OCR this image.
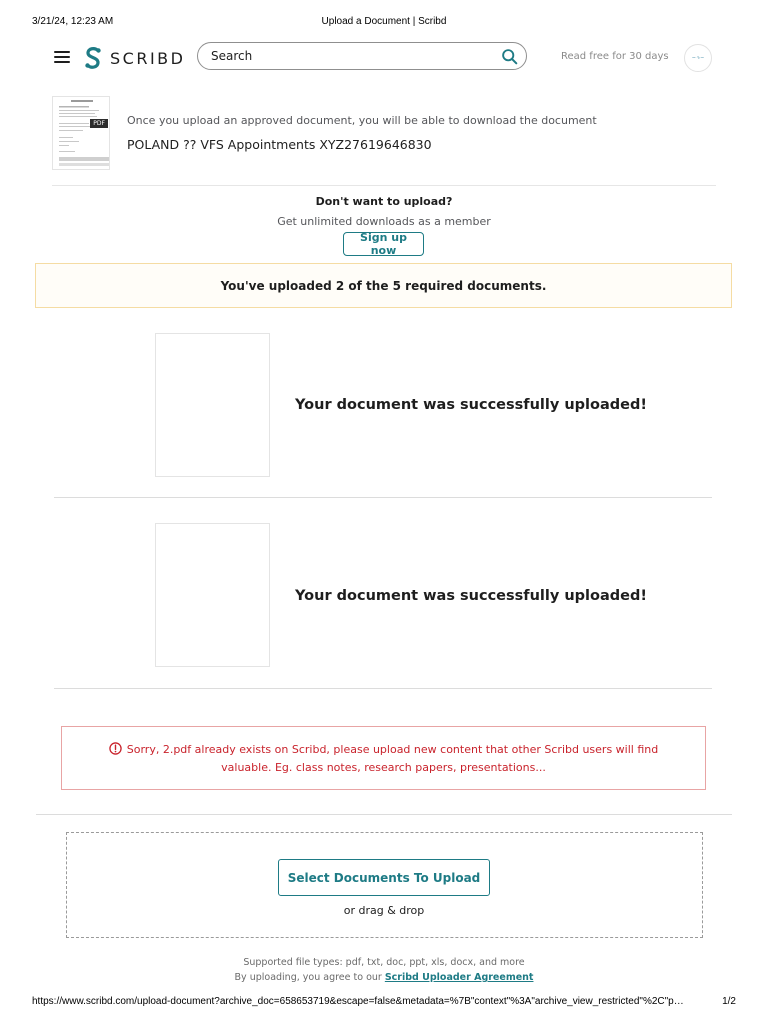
3/21/24, 12:23 AM	Upload a Document | Scribd
SCRIBD
Search	Read free for 30 days	~∿~
PDF Once you upload an approved document, you will be able to download the document
POLAND ?? VFS Appointments XYZ27619646830
Don't want to upload?
Get unlimited downloads as a member
Sign up now
You've uploaded 2 of the 5 required documents.
Your document was successfully uploaded!
Your document was successfully uploaded!
Sorry, 2.pdf already exists on Scribd, please upload new content that other Scribd users will find valuable. Eg. class notes, research papers, presentations...
Select Documents To Upload
or drag & drop
Supported file types: pdf, txt, doc, ppt, xls, docx, and more
By uploading, you agree to our Scribd Uploader Agreement
https://www.scribd.com/upload-document?archive_doc=658653719&escape=false&metadata=%7B"context"%3A"archive_view_restricted"%2C"p…	1/2
